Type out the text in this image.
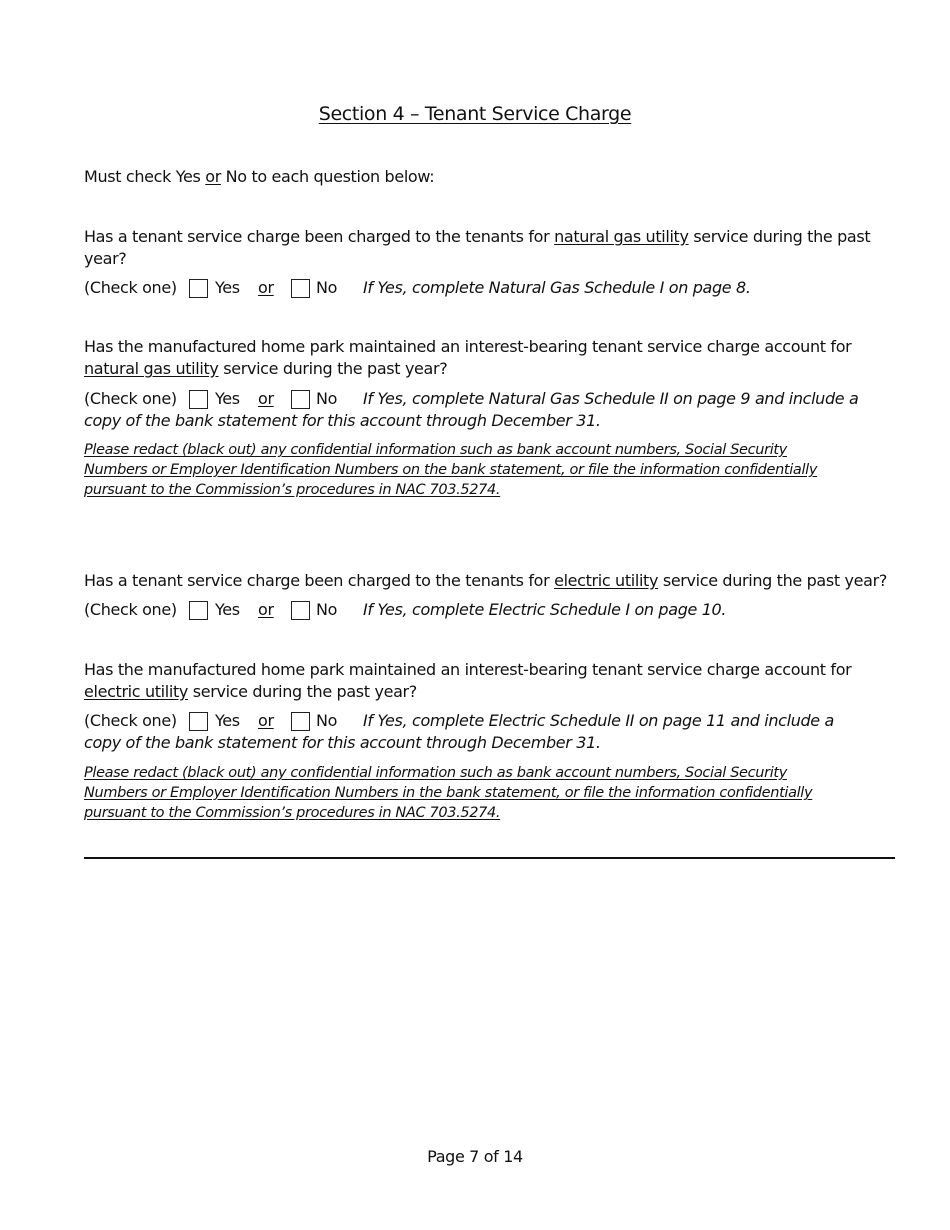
Section 4 – Tenant Service Charge
Must check Yes or No to each question below:
Has a tenant service charge been charged to the tenants for natural gas utility service during the past
year?
(Check one) Yes or	No If Yes, complete Natural Gas Schedule I on page 8.
Has the manufactured home park maintained an interest-bearing tenant service charge account for
natural gas utility service during the past year?
(Check one) Yes or	No If Yes, complete Natural Gas Schedule II on page 9 and include a
copy of the bank statement for this account through December 31.
Please redact (black out) any confidential information such as bank account numbers, Social Security
Numbers or Employer Identification Numbers on the bank statement, or file the information confidentially
pursuant to the Commission’s procedures in NAC 703.5274.
Has a tenant service charge been charged to the tenants for electric utility service during the past year?
(Check one) Yes or	No If Yes, complete Electric Schedule I on page 10.
Has the manufactured home park maintained an interest-bearing tenant service charge account for
electric utility service during the past year?
(Check one) Yes or	No If Yes, complete Electric Schedule II on page 11 and include a
copy of the bank statement for this account through December 31.
Please redact (black out) any confidential information such as bank account numbers, Social Security
Numbers or Employer Identification Numbers in the bank statement, or file the information confidentially
pursuant to the Commission’s procedures in NAC 703.5274.
Page 7 of 14
